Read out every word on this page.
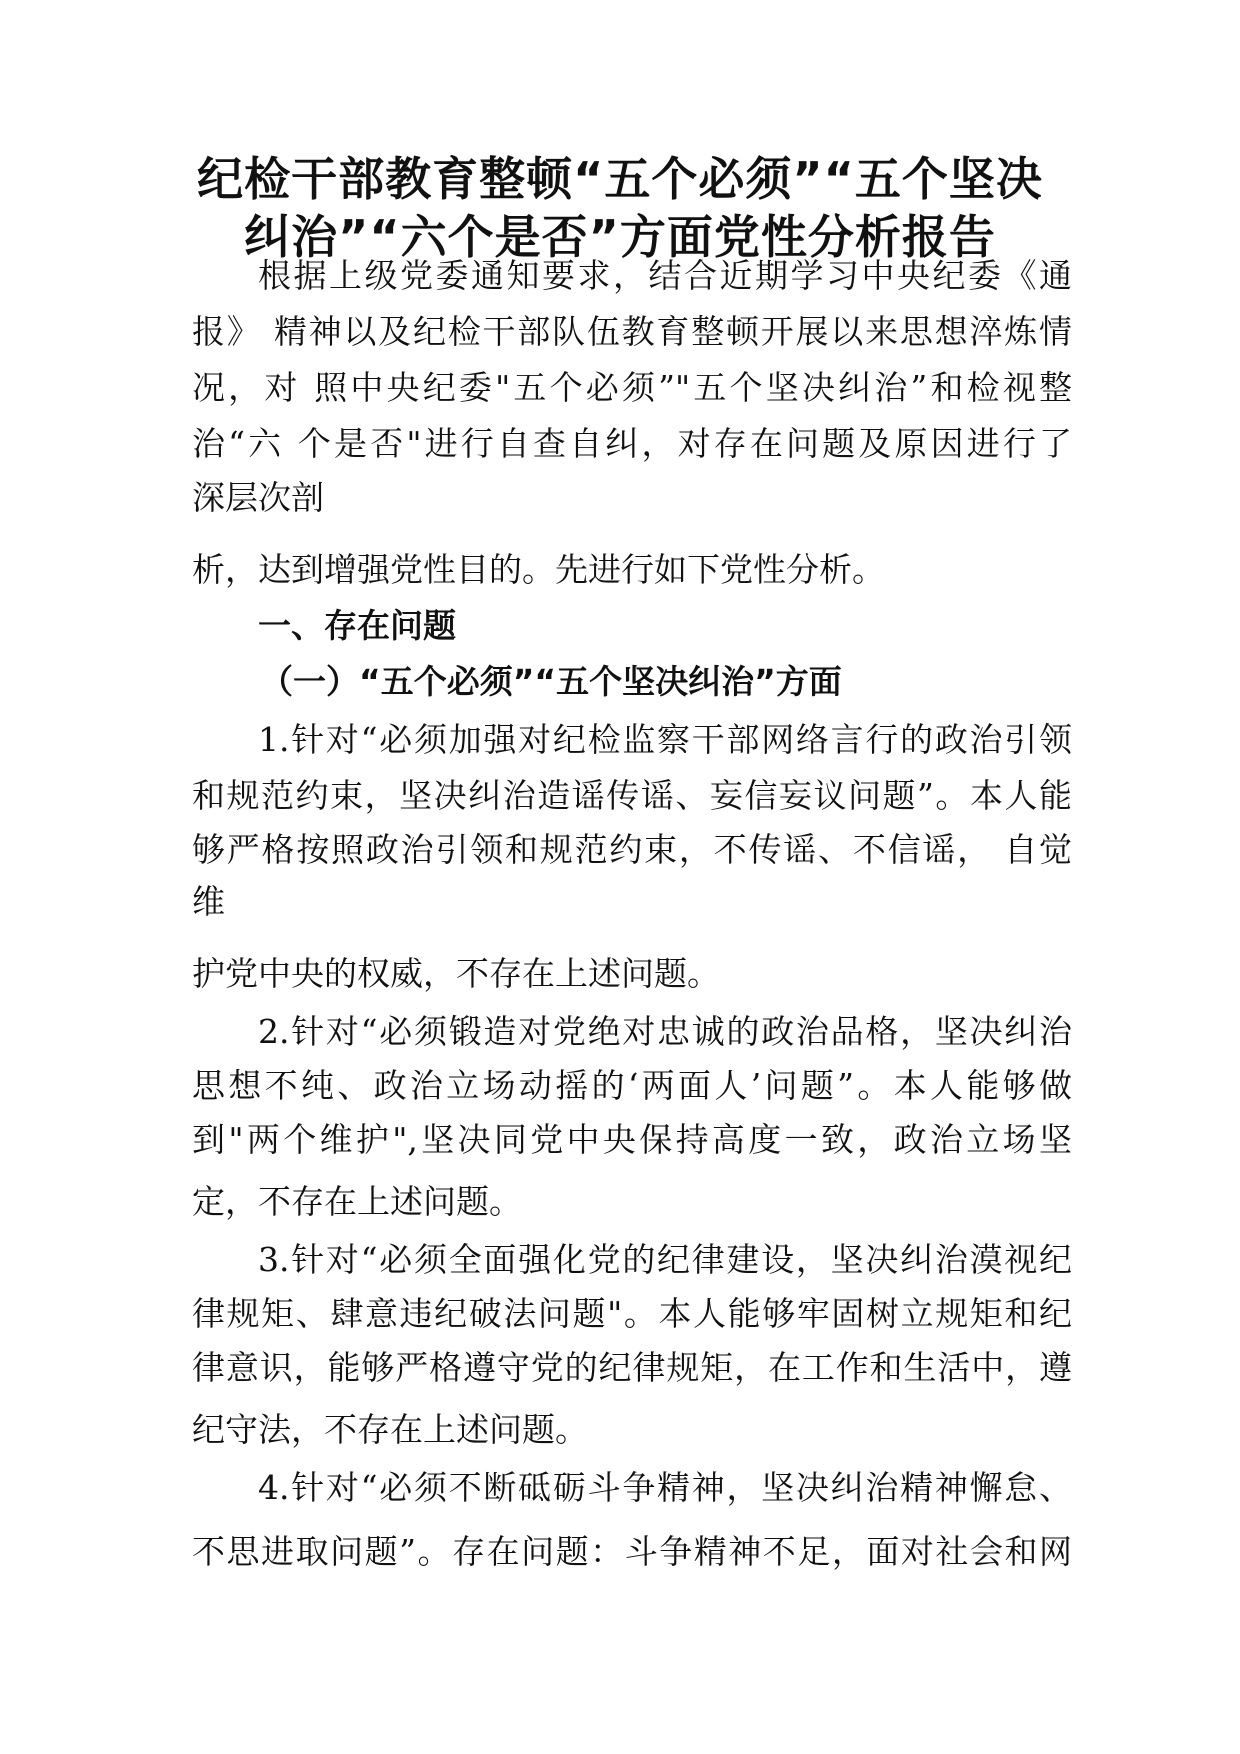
纪检干部教育整顿“五个必须”“五个坚决
纠治”“六个是否”方面党性分析报告
根据上级党委通知要求，结合近期学习中央纪委《通
报》 精神以及纪检干部队伍教育整顿开展以来思想淬炼情
况，对 照中央纪委"五个必须”"五个坚决纠治”和检视整
治“六 个是否"进行自查自纠，对存在问题及原因进行了
深层次剖
析，达到增强党性目的。先进行如下党性分析。
一、存在问题
（一）“五个必须”“五个坚决纠治”方面
1.针对“必须加强对纪检监察干部网络言行的政治引领
和规范约束，坚决纠治造谣传谣、妄信妄议问题”。本人能
够严格按照政治引领和规范约束，不传谣、不信谣， 自觉
维
护党中央的权威，不存在上述问题。
2.针对“必须锻造对党绝对忠诚的政治品格，坚决纠治
思想不纯、政治立场动摇的‘两面人’问题”。本人能够做
到"两个维护",坚决同党中央保持高度一致，政治立场坚
定，不存在上述问题。
3.针对“必须全面强化党的纪律建设，坚决纠治漠视纪
律规矩、肆意违纪破法问题"。本人能够牢固树立规矩和纪
律意识，能够严格遵守党的纪律规矩，在工作和生活中，遵
纪守法，不存在上述问题。
4.针对“必须不断砥砺斗争精神，坚决纠治精神懈怠、
不思进取问题”。存在问题：斗争精神不足，面对社会和网
